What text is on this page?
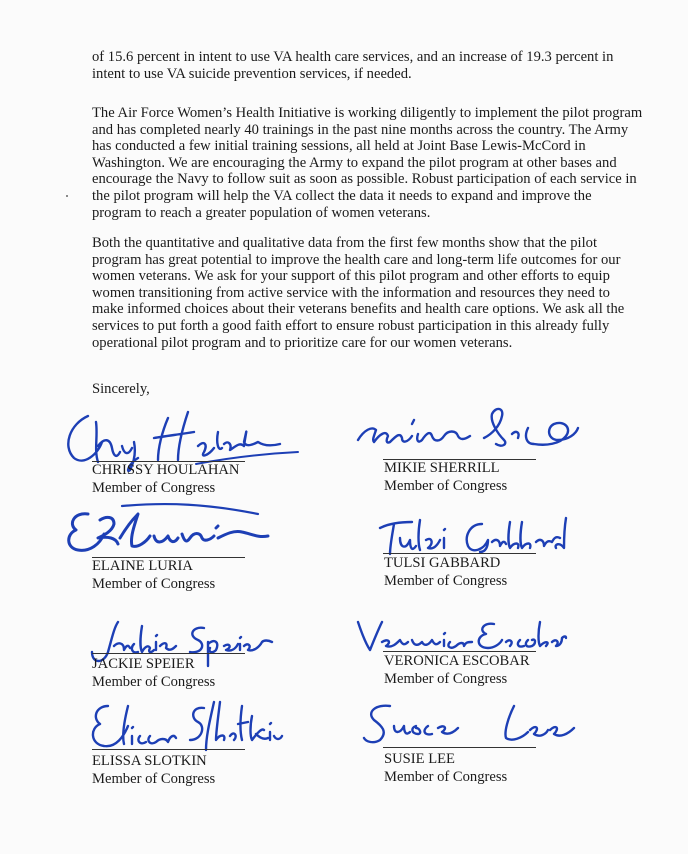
of 15.6 percent in intent to use VA health care services, and an increase of 19.3 percent in intent to use VA suicide prevention services, if needed.

The Air Force Women’s Health Initiative is working diligently to implement the pilot program and has completed nearly 40 trainings in the past nine months across the country. The Army has conducted a few initial training sessions, all held at Joint Base Lewis-McCord in Washington. We are encouraging the Army to expand the pilot program at other bases and encourage the Navy to follow suit as soon as possible. Robust participation of each service in the pilot program will help the VA collect the data it needs to expand and improve the program to reach a greater population of women veterans.

Both the quantitative and qualitative data from the first few months show that the pilot program has great potential to improve the health care and long-term life outcomes for our women veterans. We ask for your support of this pilot program and other efforts to equip women transitioning from active service with the information and resources they need to make informed choices about their veterans benefits and health care options. We ask all the services to put forth a good faith effort to ensure robust participation in this already fully operational pilot program and to prioritize care for our women veterans.

Sincerely,

CHRISSY HOULAHAN
Member of Congress
MIKIE SHERRILL
Member of Congress
ELAINE LURIA
Member of Congress
TULSI GABBARD
Member of Congress
JACKIE SPEIER
Member of Congress
VERONICA ESCOBAR
Member of Congress
ELISSA SLOTKIN
Member of Congress
SUSIE LEE
Member of Congress
